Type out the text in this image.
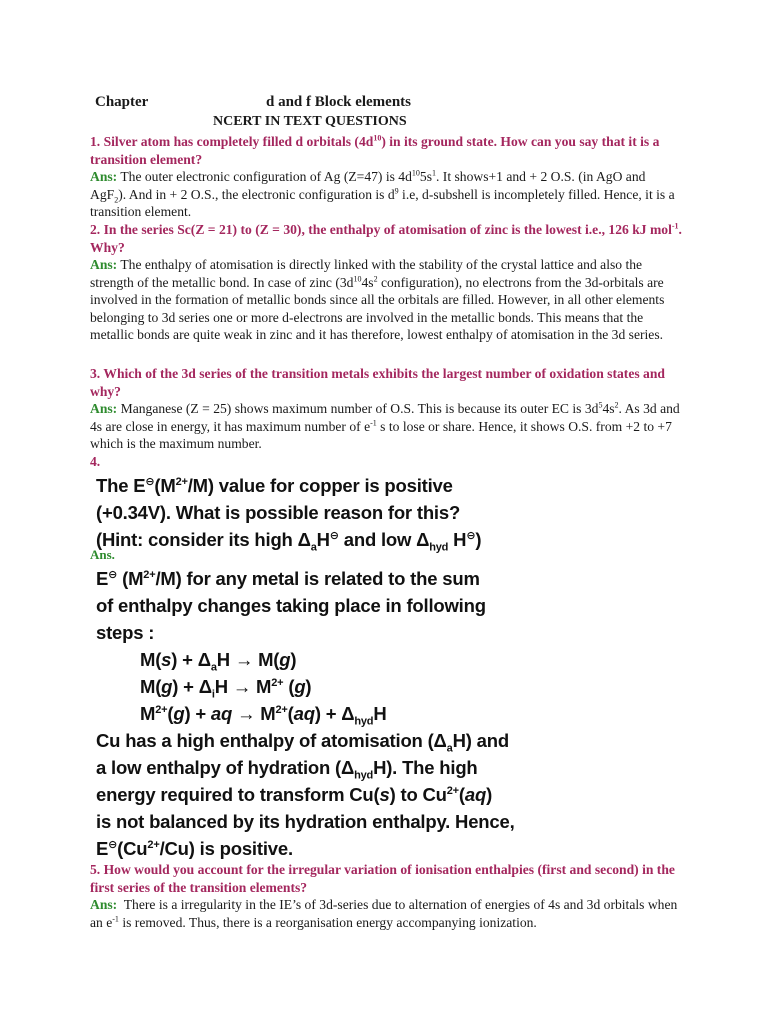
Chapter	d and f Block elements
NCERT IN TEXT QUESTIONS
1. Silver atom has completely filled d orbitals $(4d^{10})$ in its ground state. How can you say that it is a transition element?
Ans: The outer electronic configuration of Ag (Z=47) is $4d^{10}5s^1$. It shows+1 and + 2 O.S. (in AgO and AgF$_2$). And in + 2 O.S., the electronic configuration is $d^9$ i.e, d-subshell is incompletely filled. Hence, it is a transition element.
2. In the series Sc(Z = 21) to (Z = 30), the enthalpy of atomisation of zinc is the lowest i.e., 126 kJ mol$^{-1}$. Why?
Ans: The enthalpy of atomisation is directly linked with the stability of the crystal lattice and also the strength of the metallic bond. In case of zinc ($3d^{10}4s^2$ configuration), no electrons from the 3d-orbitals are involved in the formation of metallic bonds since all the orbitals are filled. However, in all other elements belonging to 3d series one or more d-electrons are involved in the metallic bonds. This means that the metallic bonds are quite weak in zinc and it has therefore, lowest enthalpy of atomisation in the 3d series.
3. Which of the 3d series of the transition metals exhibits the largest number of oxidation states and why?
Ans: Manganese (Z = 25) shows maximum number of O.S. This is because its outer EC is $3d^54s^2$. As 3d and 4s are close in energy, it has maximum number of $e^{-1}$ s to lose or share. Hence, it shows O.S. from +2 to +7 which is the maximum number.
4.
The $E^⊖(M^{2+}/M)$ value for copper is positive
(+0.34V). What is possible reason for this?
(Hint: consider its high $\Delta_aH^⊖$ and low $\Delta_{hyd}$ H⊖)
Ans.
E⊖ $(M^{2+}/M)$ for any metal is related to the sum
of enthalpy changes taking place in following
steps :
$M(s) + \Delta_aH \to M(g)$
$M(g) + \Delta_iH \to M^{2+}$ (g)
$M^{2+}(g)$ + aq → $M^{2+}(aq) + \Delta_{hyd}H$
Cu has a high enthalpy of atomisation $(\Delta_aH)$ and
a low enthalpy of hydration $(\Delta_{hyd}H)$. The high
energy required to transform Cu(s) to $Cu^{2+}(aq)$
is not balanced by its hydration enthalpy. Hence,
$E^⊖(Cu^{2+}/Cu)$ is positive.
5. How would you account for the irregular variation of ionisation enthalpies (first and second) in the first series of the transition elements?
Ans:  There is a irregularity in the IE’s of 3d-series due to alternation of energies of 4s and 3d orbitals when an $e^{-1}$ is removed. Thus, there is a reorganisation energy accompanying ionization.
